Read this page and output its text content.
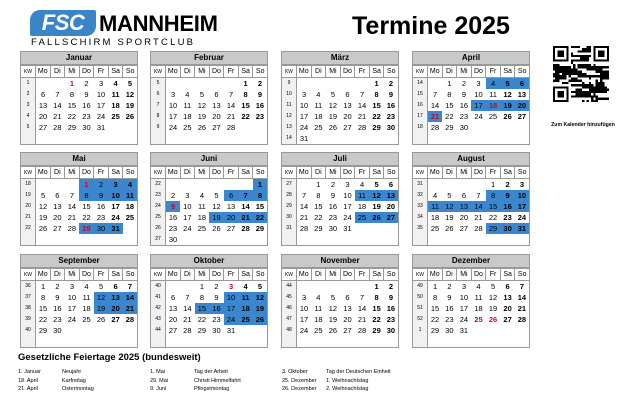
FSC MANNHEIM
FALLSCHIRM SPORTCLUB
Termine 2025
Zum Kalender hinzufügen
Januar
KW	Mo	Di	Mi	Do	Fr	Sa	So
1			1	2	3	4	5
2	6	7	8	9	10	11	12
3	13	14	15	16	17	18	19
4	20	21	22	23	24	25	26
5	27	28	29	30	31		

Februar
KW	Mo	Di	Mi	Do	Fr	Sa	So
5						1	2
6	3	4	5	6	7	8	9
7	10	11	12	13	14	15	16
8	17	18	19	20	21	22	23
9	24	25	26	27	28		

März
KW	Mo	Di	Mi	Do	Fr	Sa	So
9						1	2
10	3	4	5	6	7	8	9
11	10	11	12	13	14	15	16
12	17	18	19	20	21	22	23
13	24	25	26	27	28	29	30
14	31						
April
KW	Mo	Di	Mi	Do	Fr	Sa	So
14		1	2	3	4	5	6
15	7	8	9	10	11	12	13
16	14	15	16	17	18	19	20
17	21	22	23	24	25	26	27
18	28	29	30				

Mai
KW	Mo	Di	Mi	Do	Fr	Sa	So
18				1	2	3	4
19	5	6	7	8	9	10	11
20	12	13	14	15	16	17	18
21	19	20	21	22	23	24	25
22	26	27	28	29	30	31	

Juni
KW	Mo	Di	Mi	Do	Fr	Sa	So
22							1
23	2	3	4	5	6	7	8
24	9	10	11	12	13	14	15
25	16	17	18	19	20	21	22
26	23	24	25	26	27	28	29
27	30						
Juli
KW	Mo	Di	Mi	Do	Fr	Sa	So
27		1	2	3	4	5	6
28	7	8	9	10	11	12	13
29	14	15	16	17	18	19	20
30	21	22	23	24	25	26	27
31	28	29	30	31			

August
KW	Mo	Di	Mi	Do	Fr	Sa	So
31					1	2	3
32	4	5	6	7	8	9	10
33	11	12	13	14	15	16	17
34	18	19	20	21	22	23	24
35	25	26	27	28	29	30	31

September
KW	Mo	Di	Mi	Do	Fr	Sa	So
36	1	2	3	4	5	6	7
37	8	9	10	11	12	13	14
38	15	16	17	18	19	20	21
39	22	23	24	25	26	27	28
40	29	30					

Oktober
KW	Mo	Di	Mi	Do	Fr	Sa	So
40			1	2	3	4	5
41	6	7	8	9	10	11	12
42	13	14	15	16	17	18	19
43	20	21	22	23	24	25	26
44	27	28	29	30	31		

November
KW	Mo	Di	Mi	Do	Fr	Sa	So
44						1	2
45	3	4	5	6	7	8	9
46	10	11	12	13	14	15	16
47	17	18	19	20	21	22	23
48	24	25	26	27	28	29	30

Dezember
KW	Mo	Di	Mi	Do	Fr	Sa	So
49	1	2	3	4	5	6	7
50	8	9	10	11	12	13	14
51	15	16	17	18	19	20	21
52	22	23	24	25	26	27	28
1	29	30	31				

Gesetzliche Feiertage 2025 (bundesweit)
1. Januar	Neujahr
18. April	Karfreitag
21. April	Ostermontag
1. Mai	Tag der Arbeit
29. Mai	Christi Himmelfahrt
9. Juni	Pfingstmontag
3. Oktober	Tag der Deutschen Einheit
25. Dezember 1. Weihnachtstag
26. Dezember 2. Weihnachtstag
